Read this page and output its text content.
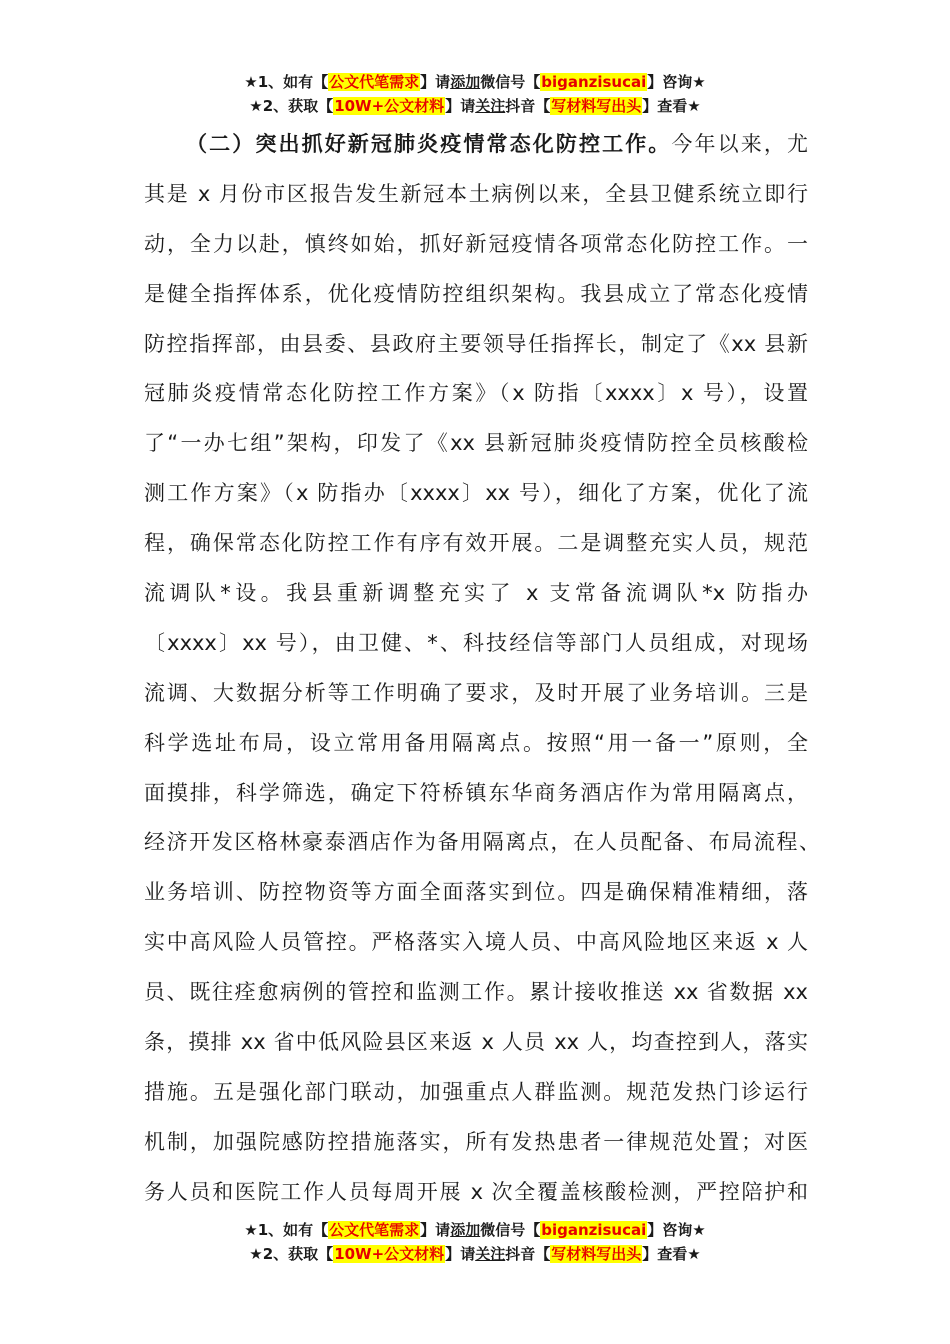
★1、如有【公文代笔需求】请添加微信号【biganzisucai】咨询★
★2、获取【10W+公文材料】请关注抖音【写材料写出头】查看★
（二）突出抓好新冠肺炎疫情常态化防控工作。今年以来，尤
其是 x 月份市区报告发生新冠本土病例以来，全县卫健系统立即行
动，全力以赴，慎终如始，抓好新冠疫情各项常态化防控工作。一
是健全指挥体系，优化疫情防控组织架构。我县成立了常态化疫情
防控指挥部，由县委、县政府主要领导任指挥长，制定了《xx 县新
冠肺炎疫情常态化防控工作方案》（x 防指〔xxxx〕x 号），设置
了“一办七组”架构，印发了《xx 县新冠肺炎疫情防控全员核酸检
测工作方案》（x 防指办〔xxxx〕xx 号），细化了方案，优化了流
程，确保常态化防控工作有序有效开展。二是调整充实人员，规范
流调队*设。我县重新调整充实了 x 支常备流调队*x 防指办
〔xxxx〕xx 号），由卫健、*、科技经信等部门人员组成，对现场
流调、大数据分析等工作明确了要求，及时开展了业务培训。三是
科学选址布局，设立常用备用隔离点。按照“用一备一”原则，全
面摸排，科学筛选，确定下符桥镇东华商务酒店作为常用隔离点，
经济开发区格林豪泰酒店作为备用隔离点，在人员配备、布局流程、
业务培训、防控物资等方面全面落实到位。四是确保精准精细，落
实中高风险人员管控。严格落实入境人员、中高风险地区来返 x 人
员、既往痊愈病例的管控和监测工作。累计接收推送 xx 省数据 xx
条，摸排 xx 省中低风险县区来返 x 人员 xx 人，均查控到人，落实
措施。五是强化部门联动，加强重点人群监测。规范发热门诊运行
机制，加强院感防控措施落实，所有发热患者一律规范处置；对医
务人员和医院工作人员每周开展 x 次全覆盖核酸检测，严控陪护和
★1、如有【公文代笔需求】请添加微信号【biganzisucai】咨询★
★2、获取【10W+公文材料】请关注抖音【写材料写出头】查看★
